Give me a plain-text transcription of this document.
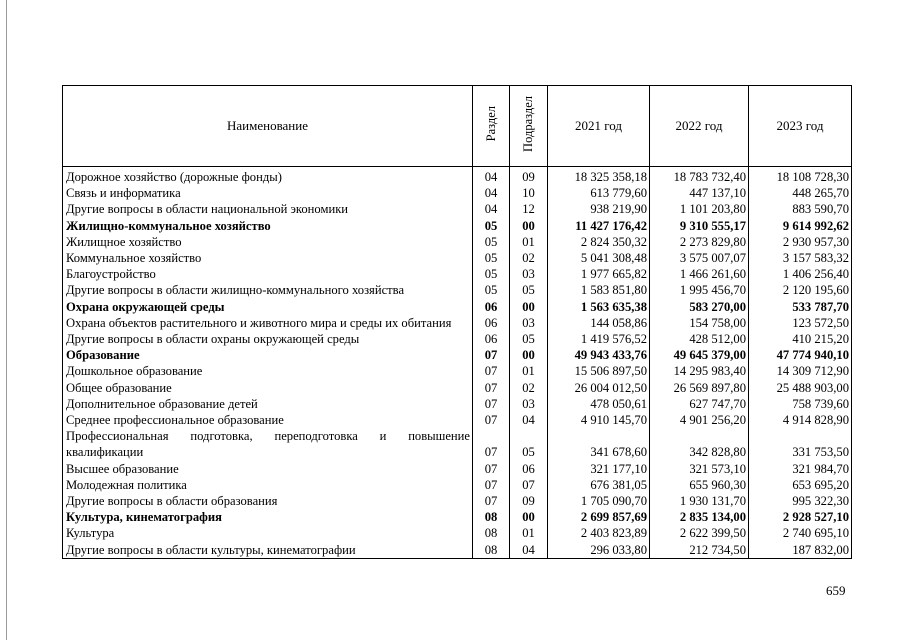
Наименование	Раздел	Подраздел	2021 год	2022 год	2023 год
Дорожное хозяйство (дорожные фонды)	04	09	18 325 358,18	18 783 732,40	18 108 728,30
Связь и информатика	04	10	613 779,60	447 137,10	448 265,70
Другие вопросы в области национальной экономики	04	12	938 219,90	1 101 203,80	883 590,70
Жилищно-коммунальное хозяйство	05	00	11 427 176,42	9 310 555,17	9 614 992,62
Жилищное хозяйство	05	01	2 824 350,32	2 273 829,80	2 930 957,30
Коммунальное хозяйство	05	02	5 041 308,48	3 575 007,07	3 157 583,32
Благоустройство	05	03	1 977 665,82	1 466 261,60	1 406 256,40
Другие вопросы в области жилищно-коммунального хозяйства	05	05	1 583 851,80	1 995 456,70	2 120 195,60
Охрана окружающей среды	06	00	1 563 635,38	583 270,00	533 787,70
Охрана объектов растительного и животного мира и среды их обитания	06	03	144 058,86	154 758,00	123 572,50
Другие вопросы в области охраны окружающей среды	06	05	1 419 576,52	428 512,00	410 215,20
Образование	07	00	49 943 433,76	49 645 379,00	47 774 940,10
Дошкольное образование	07	01	15 506 897,50	14 295 983,40	14 309 712,90
Общее образование	07	02	26 004 012,50	26 569 897,80	25 488 903,00
Дополнительное образование детей	07	03	478 050,61	627 747,70	758 739,60
Среднее профессиональное образование	07	04	4 910 145,70	4 901 256,20	4 914 828,90
Профессиональная подготовка, переподготовка и повышение квалификации	07	05	341 678,60	342 828,80	331 753,50
Высшее образование	07	06	321 177,10	321 573,10	321 984,70
Молодежная политика	07	07	676 381,05	655 960,30	653 695,20
Другие вопросы в области образования	07	09	1 705 090,70	1 930 131,70	995 322,30
Культура, кинематография	08	00	2 699 857,69	2 835 134,00	2 928 527,10
Культура	08	01	2 403 823,89	2 622 399,50	2 740 695,10
Другие вопросы в области культуры, кинематографии	08	04	296 033,80	212 734,50	187 832,00
659
